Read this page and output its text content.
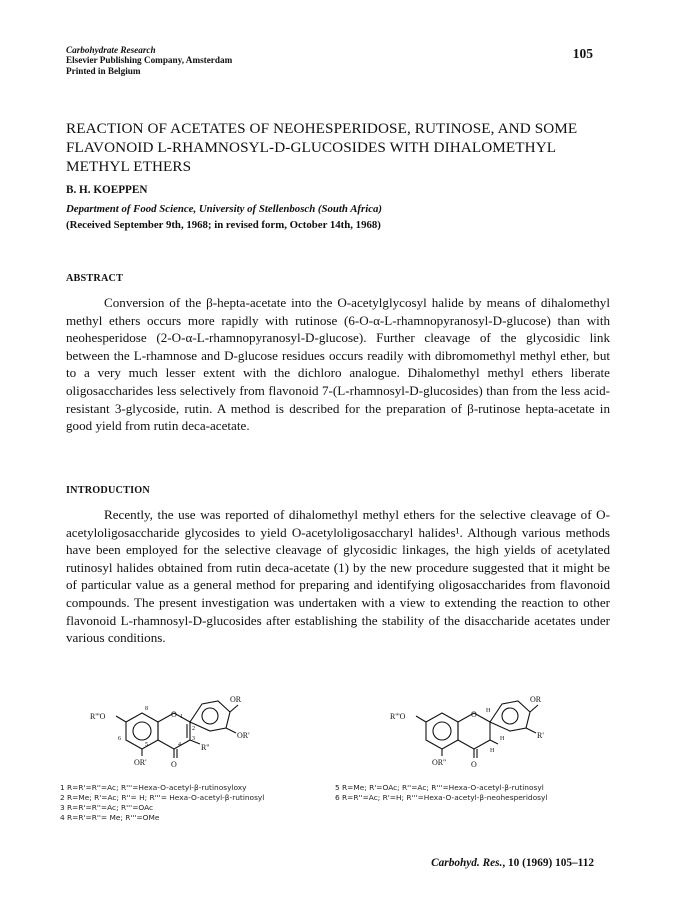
Carbohydrate Research
Elsevier Publishing Company, Amsterdam
Printed in Belgium
105
REACTION OF ACETATES OF NEOHESPERIDOSE, RUTINOSE, AND SOME FLAVONOID L-RHAMNOSYL-D-GLUCOSIDES WITH DIHALOMETHYL METHYL ETHERS
B. H. KOEPPEN
Department of Food Science, University of Stellenbosch (South Africa)
(Received September 9th, 1968; in revised form, October 14th, 1968)
ABSTRACT
Conversion of the β-hepta-acetate into the O-acetylglycosyl halide by means of dihalomethyl methyl ethers occurs more rapidly with rutinose (6-O-α-L-rhamnopyranosyl-D-glucose) than with neohesperidose (2-O-α-L-rhamnopyranosyl-D-glucose). Further cleavage of the glycosidic link between the L-rhamnose and D-glucose residues occurs readily with dibromomethyl methyl ether, but to a very much lesser extent with the dichloro analogue. Dihalomethyl methyl ethers liberate oligosaccharides less selectively from flavonoid 7-(L-rhamnosyl-D-glucosides) than from the less acid-resistant 3-glycoside, rutin. A method is described for the preparation of β-rutinose hepta-acetate in good yield from rutin deca-acetate.
INTRODUCTION
Recently, the use was reported of dihalomethyl methyl ethers for the selective cleavage of O-acetyloligosaccharide glycosides to yield O-acetyloligosaccharyl halides¹. Although various methods have been employed for the selective cleavage of glycosidic linkages, the high yields of acetylated rutinosyl halides obtained from rutin deca-acetate (1) by the new procedure suggested that it might be of particular value as a general method for preparing and identifying oligosaccharides from flavonoid compounds. The present investigation was undertaken with a view to extending the reaction to other flavonoid L-rhamnosyl-D-glucosides after establishing the stability of the disaccharide acetates under various conditions.
OR
OR'
R'''O
OR'
R''
O
O 1
2
3
4
5
6
8
OR
R'
R'''O
OR''	O
O H
H
H
1 R=R'=R''=Ac; R'''=Hexa-O-acetyl-β-rutinosyloxy
2 R=Me; R'=Ac; R''= H; R'''= Hexa-O-acetyl-β-rutinosyl
3 R=R'=R''=Ac; R'''=OAc
4 R=R'=R''= Me; R'''=OMe
5 R=Me; R'=OAc; R''=Ac; R'''=Hexa-O-acetyl-β-rutinosyl
6 R=R''=Ac; R'=H; R'''=Hexa-O-acetyl-β-neohesperidosyl
Carbohyd. Res., 10 (1969) 105–112
